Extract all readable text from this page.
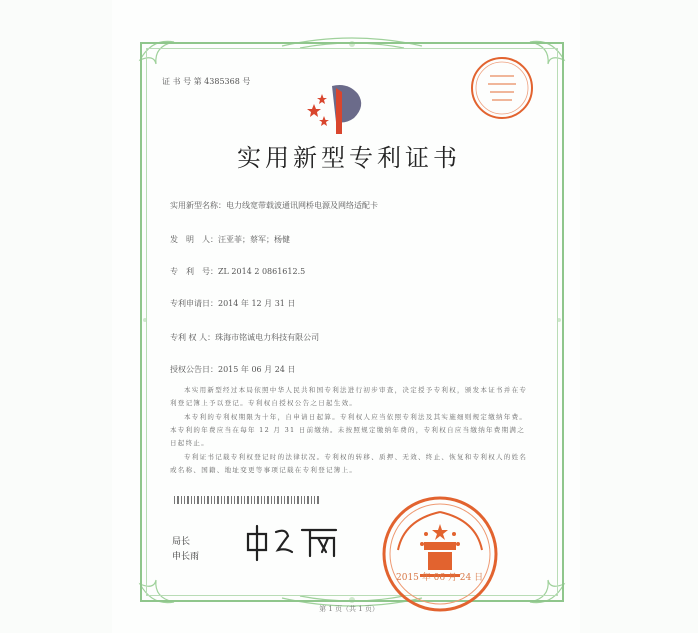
证 书 号 第 4385368 号
实用新型专利证书
实用新型名称：电力线宽带载波通讯网桥电源及网络适配卡
发　明　人：汪亚菲；蔡军；杨健
专　利　号：ZL 2014 2 0861612.5
专利申请日：2014 年 12 月 31 日
专利 权 人：珠海市铭诚电力科技有限公司
授权公告日：2015 年 06 月 24 日
本实用新型经过本局依照中华人民共和国专利法进行初步审查，决定授予专利权，颁发本证书并在专利登记簿上予以登记。专利权自授权公告之日起生效。
本专利的专利权期限为十年，自申请日起算。专利权人应当依照专利法及其实施细则规定缴纳年费。本专利的年费应当在每年 12 月 31 日前缴纳。未按照规定缴纳年费的，专利权自应当缴纳年费期满之日起终止。
专利证书记载专利权登记时的法律状况。专利权的转移、质押、无效、终止、恢复和专利权人的姓名或名称、国籍、地址变更等事项记载在专利登记簿上。
局长
申长雨
2015 年 06 月 24 日
第 1 页（共 1 页）
